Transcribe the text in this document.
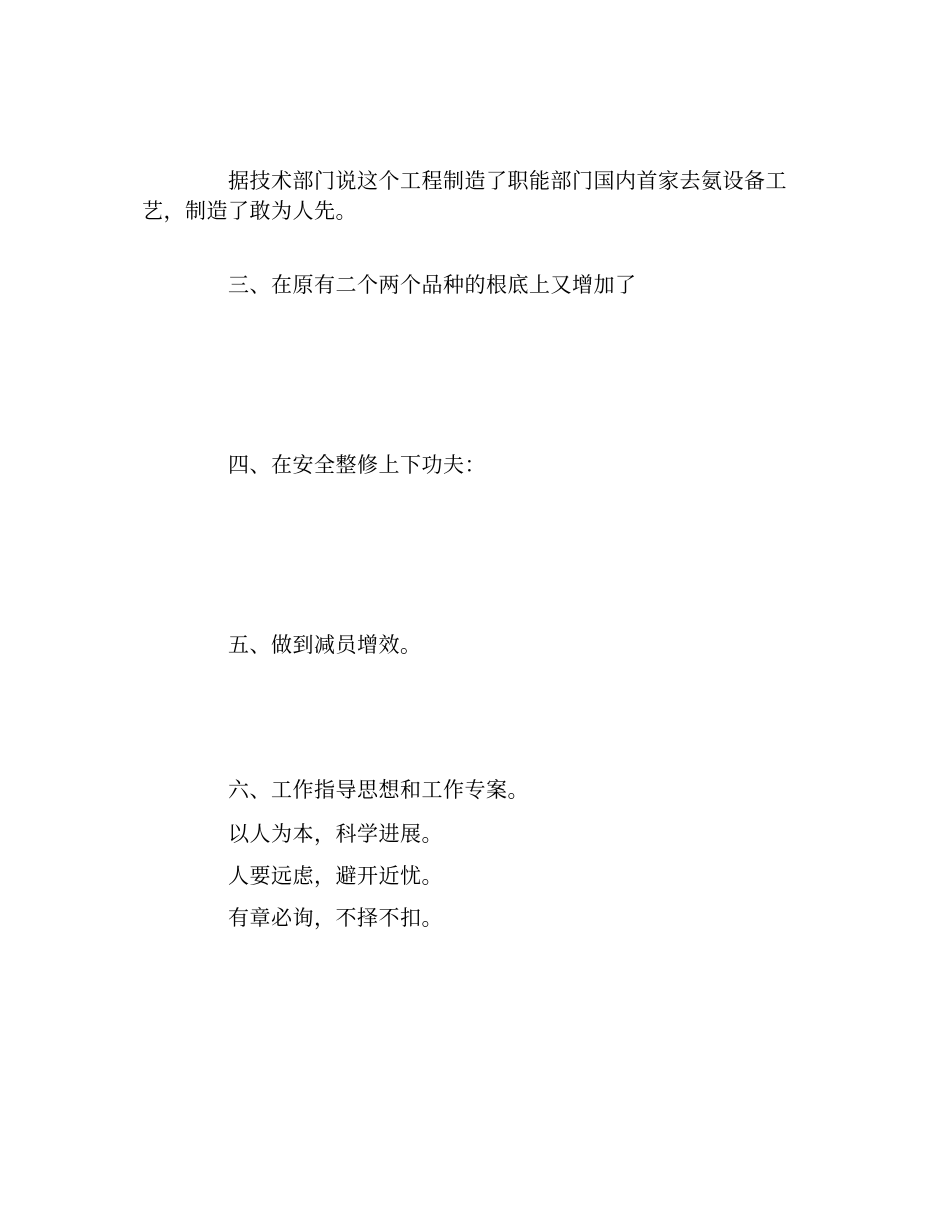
据技术部门说这个工程制造了职能部门国内首家去氨设备工艺，制造了敢为人先。
三、在原有二个两个品种的根底上又增加了
四、在安全整修上下功夫：
五、做到减员增效。
六、工作指导思想和工作专案。
以人为本，科学进展。
人要远虑，避开近忧。
有章必询，不择不扣。
